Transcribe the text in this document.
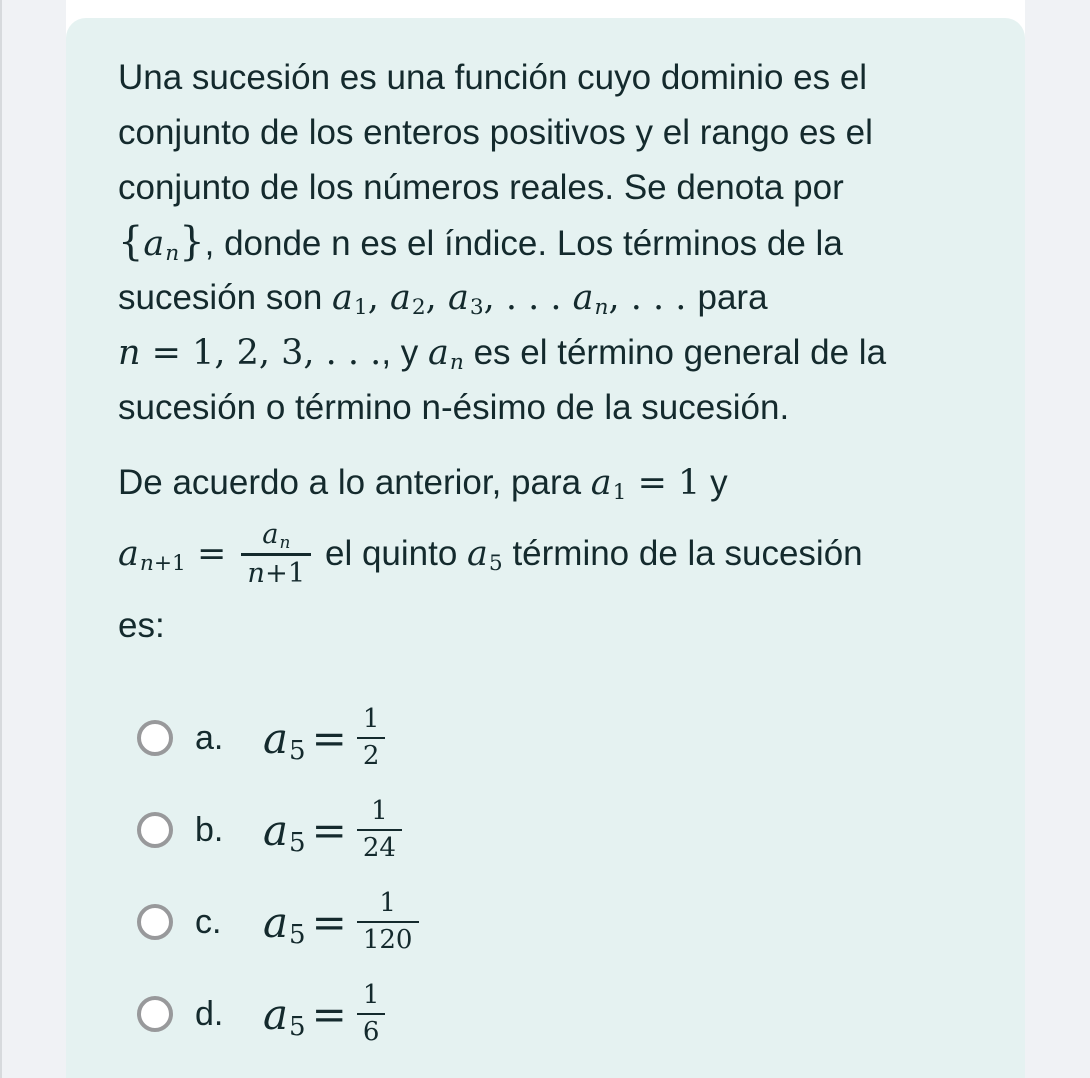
Una sucesión es una función cuyo dominio es el
conjunto de los enteros positivos y el rango es el
conjunto de los números reales. Se denota por
{an}, donde n es el índice. Los términos de la
sucesión son a1, a2, a3, . . . an, . . . para
n = 1, 2, 3, . . ., y an es el término general de la
sucesión o término n-ésimo de la sucesión.
De acuerdo a lo anterior, para a1 = 1 y
$an+1 = \frac{an}{n+1}$ el quinto a5 término de la sucesión
es:
a. $a5 = \frac{1}{2}$
b. $a5 = \frac{1}{24}$
c. $a5 = \frac{1}{120}$
d. $a5 = \frac{1}{6}$
